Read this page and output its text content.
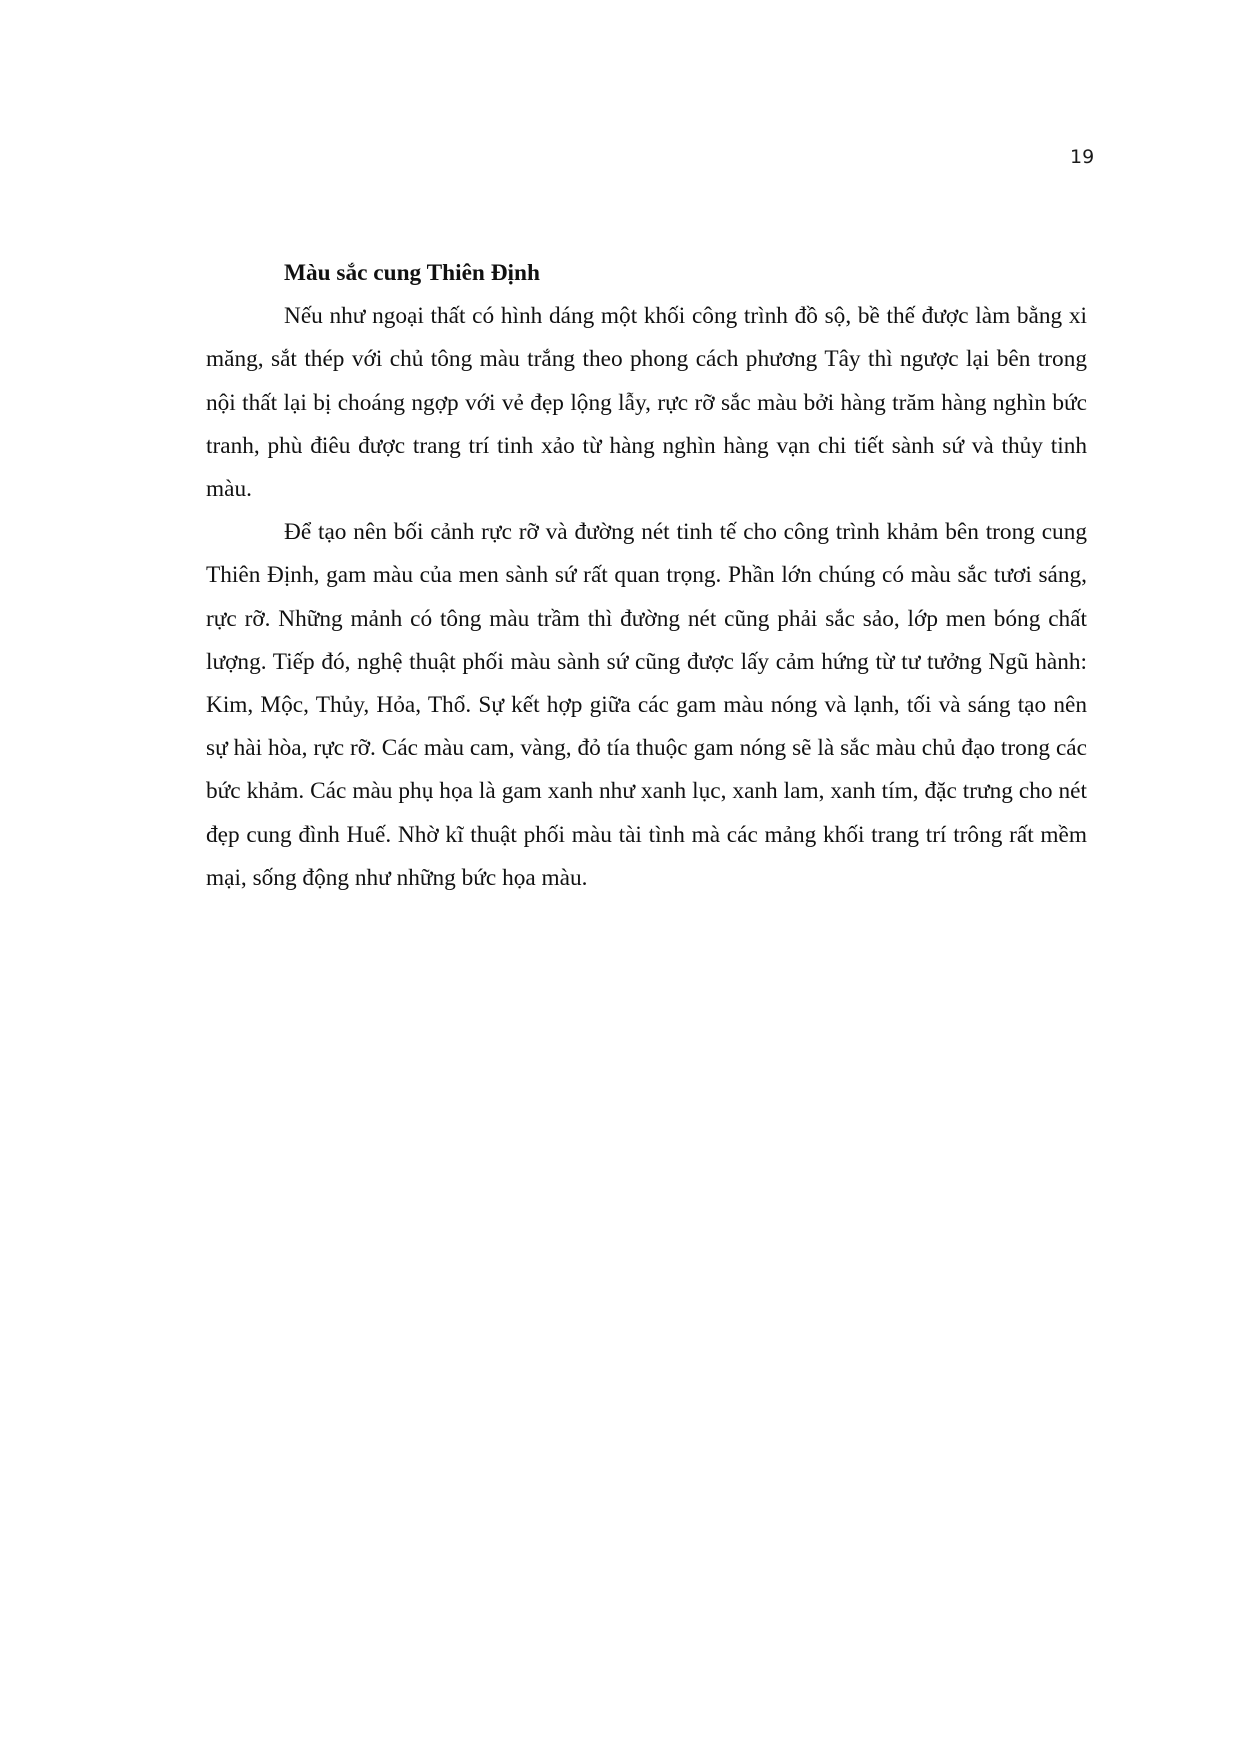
19
Màu sắc cung Thiên Định

Nếu như ngoại thất có hình dáng một khối công trình đồ sộ, bề thế được làm bằng xi măng, sắt thép với chủ tông màu trắng theo phong cách phương Tây thì ngược lại bên trong nội thất lại bị choáng ngợp với vẻ đẹp lộng lẫy, rực rỡ sắc màu bởi hàng trăm hàng nghìn bức tranh, phù điêu được trang trí tinh xảo từ hàng nghìn hàng vạn chi tiết sành sứ và thủy tinh màu.

Để tạo nên bối cảnh rực rỡ và đường nét tinh tế cho công trình khảm bên trong cung Thiên Định, gam màu của men sành sứ rất quan trọng. Phần lớn chúng có màu sắc tươi sáng, rực rỡ. Những mảnh có tông màu trầm thì đường nét cũng phải sắc sảo, lớp men bóng chất lượng. Tiếp đó, nghệ thuật phối màu sành sứ cũng được lấy cảm hứng từ tư tưởng Ngũ hành: Kim, Mộc, Thủy, Hỏa, Thổ. Sự kết hợp giữa các gam màu nóng và lạnh, tối và sáng tạo nên sự hài hòa, rực rỡ. Các màu cam, vàng, đỏ tía thuộc gam nóng sẽ là sắc màu chủ đạo trong các bức khảm. Các màu phụ họa là gam xanh như xanh lục, xanh lam, xanh tím, đặc trưng cho nét đẹp cung đình Huế. Nhờ kĩ thuật phối màu tài tình mà các mảng khối trang trí trông rất mềm mại, sống động như những bức họa màu.
